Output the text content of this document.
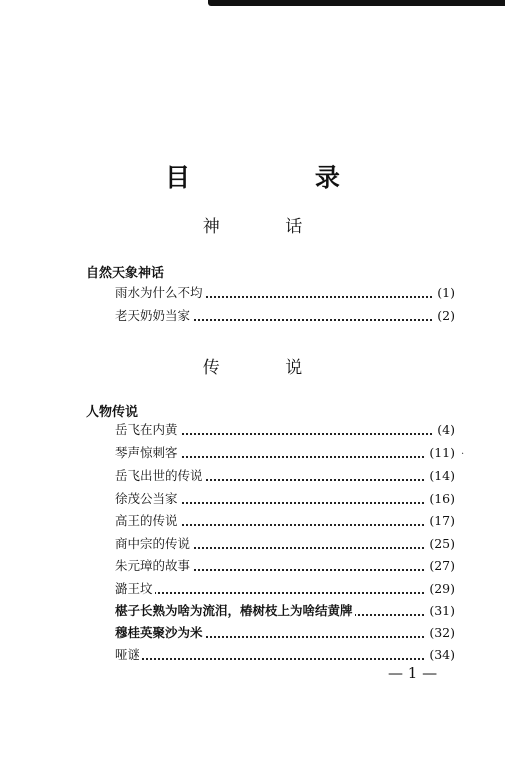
目 录
神 话
自然天象神话
雨水为什么不均	(1)
老天奶奶当家	(2)
传 说
人物传说
岳飞在内黄	(4)
琴声惊刺客	(11)
岳飞出世的传说	(14)
徐茂公当家	(16)
高王的传说	(17)
商中宗的传说	(25)
朱元璋的故事	(27)
潞王坟	(29)
椹子长熟为啥为流泪，椿树枝上为啥结黄牌	(31)
穆桂英聚沙为米	(32)
哑谜	(34)
.
— 1 —
